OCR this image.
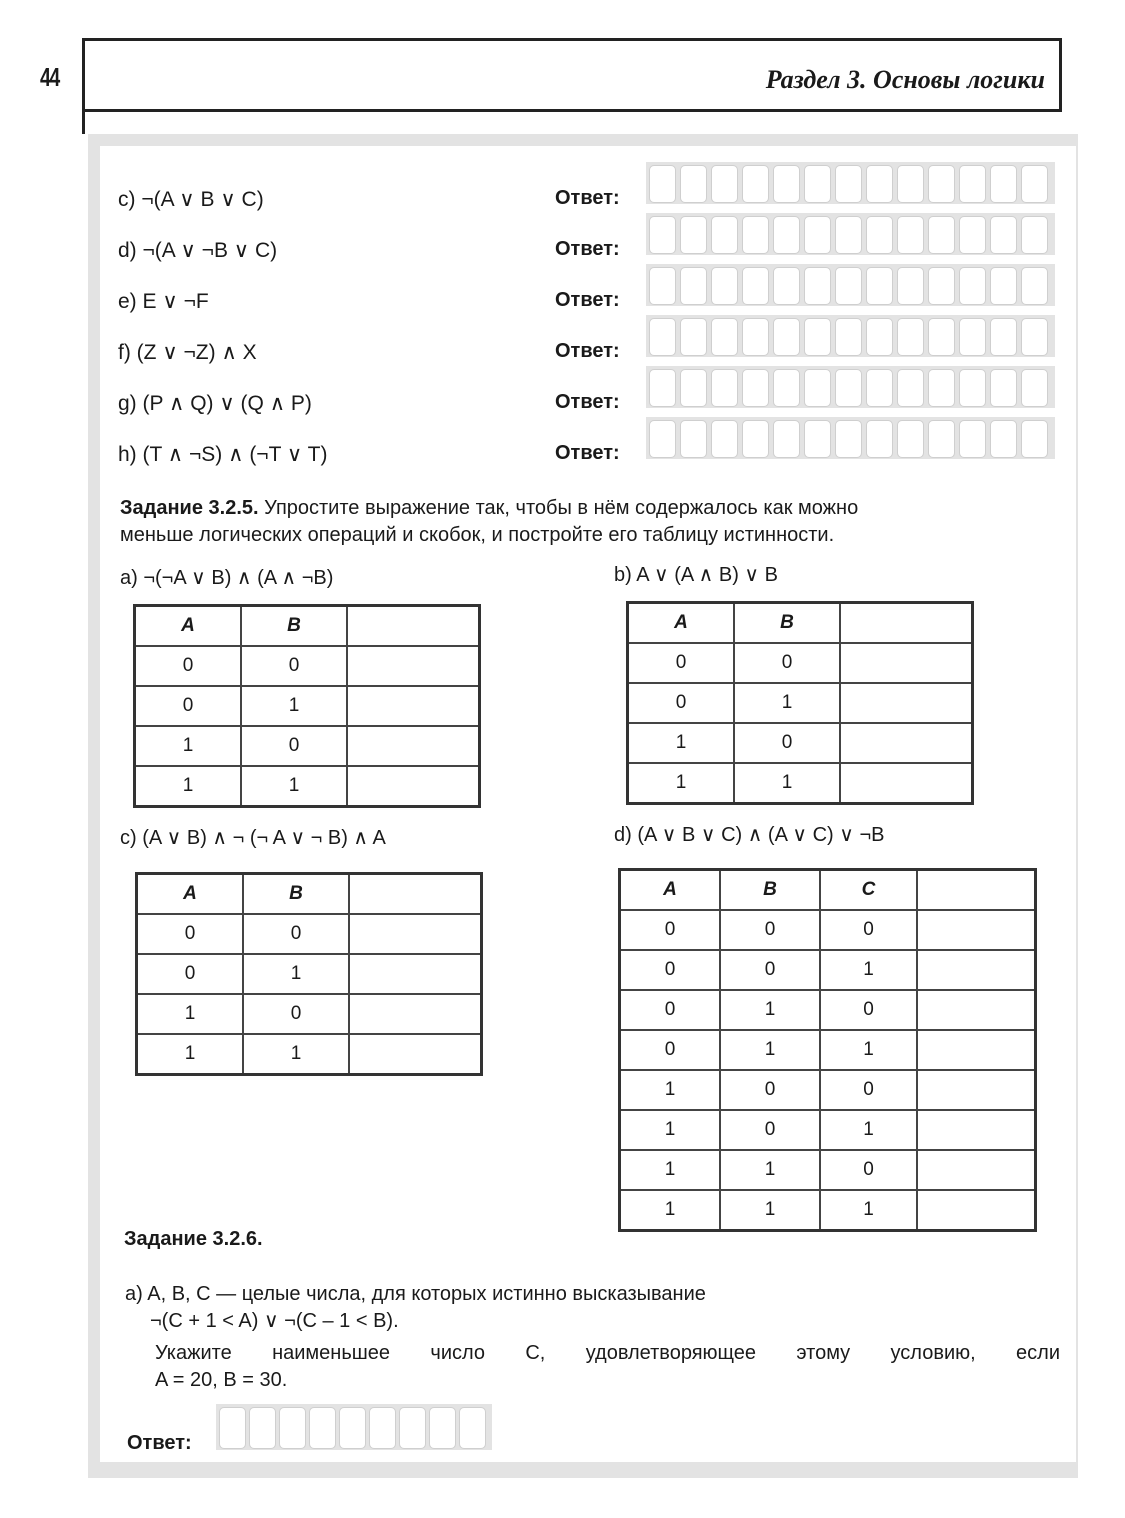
44	Раздел 3. Основы логики
c) ¬(A ∨ B ∨ C)	Ответ:
d) ¬(A ∨ ¬B ∨ C)	Ответ:
e) E ∨ ¬F	Ответ:
f) (Z ∨ ¬Z) ∧ X	Ответ:
g) (P ∧ Q) ∨ (Q ∧ P)	Ответ:
h) (T ∧ ¬S) ∧ (¬T ∨ T)	Ответ:
Задание 3.2.5. Упростите выражение так, чтобы в нём содержалось как можно
меньше логических операций и скобок, и постройте его таблицу истинности.
a) ¬(¬A ∨ B) ∧ (A ∧ ¬B)	b) A ∨ (A ∧ B) ∨ B
A	B	
0	0	
0	1	
1	0	
1	1	
A	B	
0	0	
0	1	
1	0	
1	1	
c) (A ∨ B) ∧ ¬ (¬ A ∨ ¬ B) ∧ A	d) (A ∨ B ∨ C) ∧ (A ∨ C) ∨ ¬B
A	B	
0	0	
0	1	
1	0	
1	1	
A	B	C	
0	0	0	
0	0	1	
0	1	0	
0	1	1	
1	0	0	
1	0	1	
1	1	0	
1	1	1	
Задание 3.2.6.
a) A, B, C — целые числа, для которых истинно высказывание
¬(C + 1 < A) ∨ ¬(C – 1 < B).
Укажите наименьшее число C, удовлетворяющее этому условию, если
A = 20, B = 30.
Ответ:
